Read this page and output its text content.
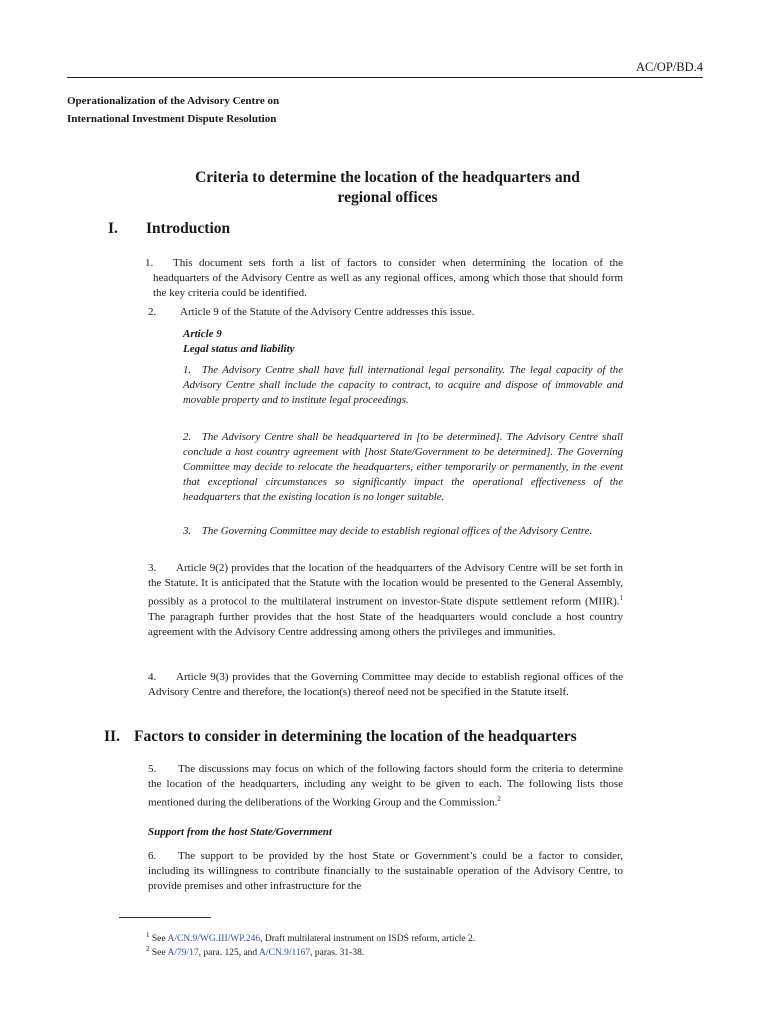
AC/OP/BD.4
Operationalization of the Advisory Centre on
International Investment Dispute Resolution
Criteria to determine the location of the headquarters and
regional offices
I. Introduction
1. This document sets forth a list of factors to consider when determining the location of the headquarters of the Advisory Centre as well as any regional offices, among which those that should form the key criteria could be identified.
2. Article 9 of the Statute of the Advisory Centre addresses this issue.
Article 9
Legal status and liability
1. The Advisory Centre shall have full international legal personality. The legal capacity of the Advisory Centre shall include the capacity to contract, to acquire and dispose of immovable and movable property and to institute legal proceedings.
2. The Advisory Centre shall be headquartered in [to be determined]. The Advisory Centre shall conclude a host country agreement with [host State/Government to be determined]. The Governing Committee may decide to relocate the headquarters, either temporarily or permanently, in the event that exceptional circumstances so significantly impact the operational effectiveness of the headquarters that the existing location is no longer suitable.
3. The Governing Committee may decide to establish regional offices of the Advisory Centre.
3. Article 9(2) provides that the location of the headquarters of the Advisory Centre will be set forth in the Statute. It is anticipated that the Statute with the location would be presented to the General Assembly, possibly as a protocol to the multilateral instrument on investor-State dispute settlement reform (MIIR).$^1$ The paragraph further provides that the host State of the headquarters would conclude a host country agreement with the Advisory Centre addressing among others the privileges and immunities.
4. Article 9(3) provides that the Governing Committee may decide to establish regional offices of the Advisory Centre and therefore, the location(s) thereof need not be specified in the Statute itself.
II. Factors to consider in determining the location of the headquarters
5. The discussions may focus on which of the following factors should form the criteria to determine the location of the headquarters, including any weight to be given to each. The following lists those mentioned during the deliberations of the Working Group and the Commission.$^2$
Support from the host State/Government
6. The support to be provided by the host State or Government’s could be a factor to consider, including its willingness to contribute financially to the sustainable operation of the Advisory Centre, to provide premises and other infrastructure for the
$^1$ See A/CN.9/WG.III/WP.246, Draft multilateral instrument on ISDS reform, article 2.
$^2$ See A/79/17, para. 125, and A/CN.9/1167, paras. 31-38.
